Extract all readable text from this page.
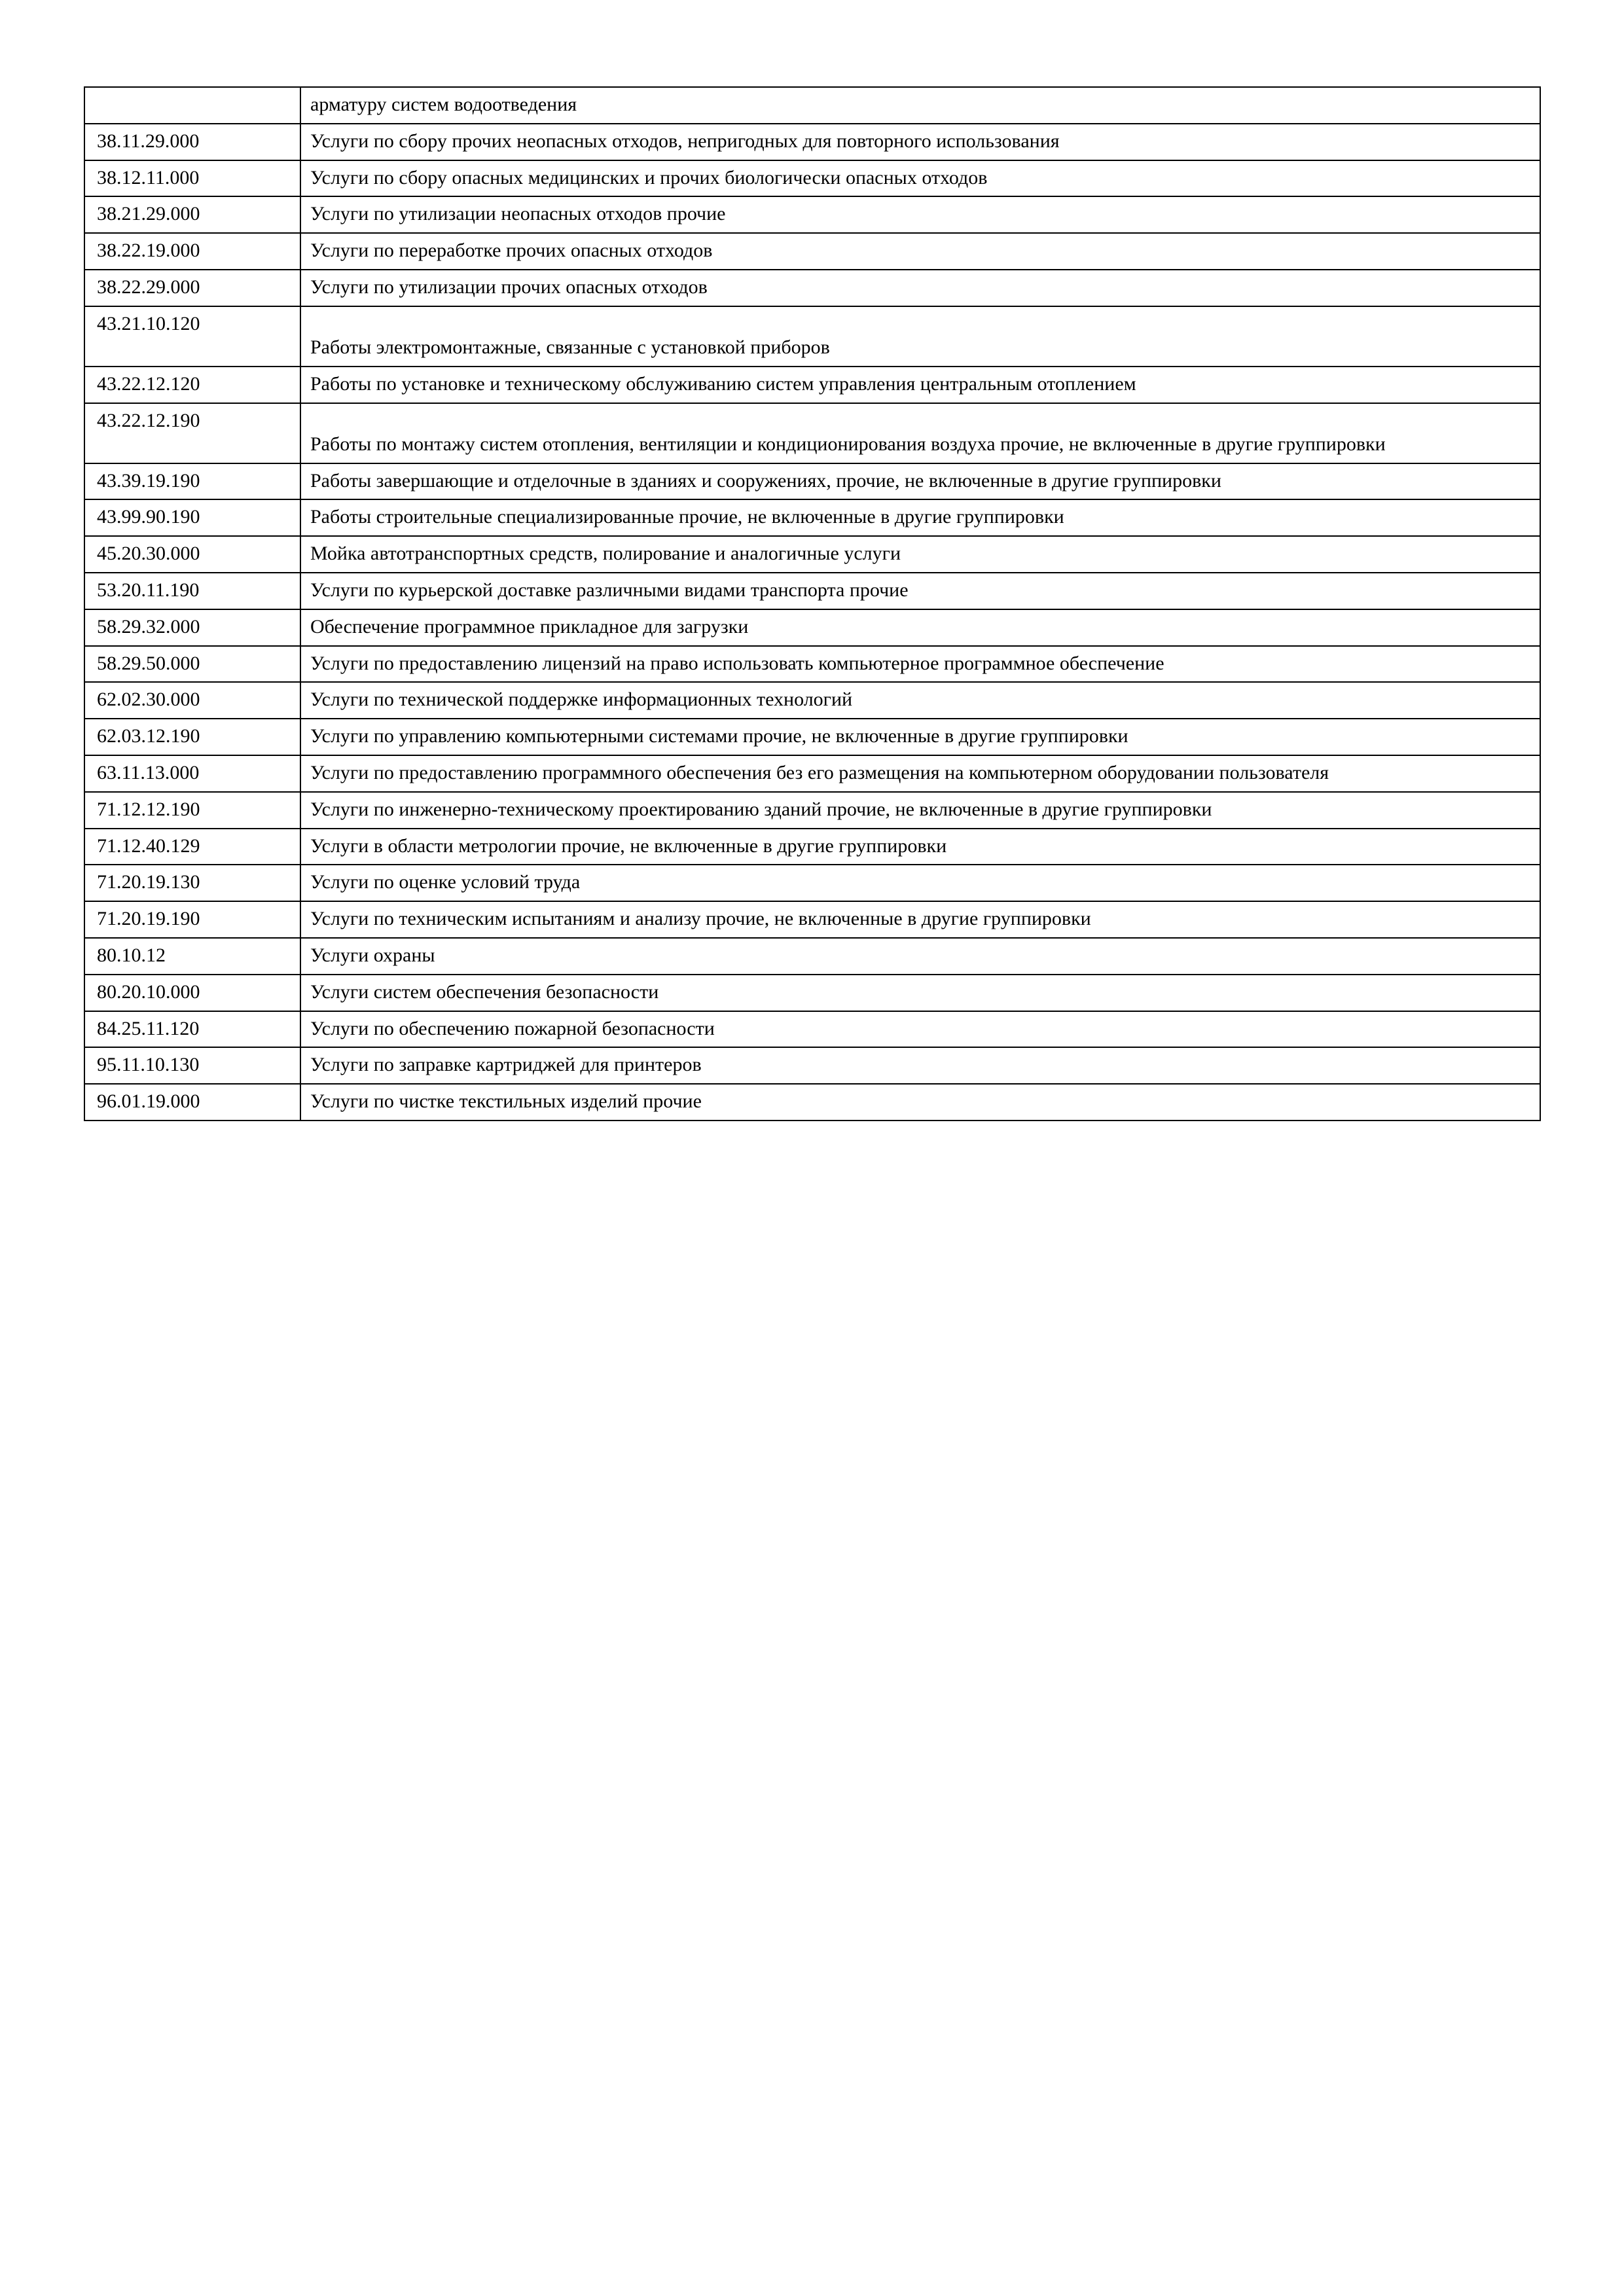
	арматуру систем водоотведения
38.11.29.000	Услуги по сбору прочих неопасных отходов, непригодных для повторного использования
38.12.11.000	Услуги по сбору опасных медицинских и прочих биологически опасных отходов
38.21.29.000	Услуги по утилизации неопасных отходов прочие
38.22.19.000	Услуги по переработке прочих опасных отходов
38.22.29.000	Услуги по утилизации прочих опасных отходов
43.21.10.120	Работы электромонтажные, связанные с установкой приборов
43.22.12.120	Работы по установке и техническому обслуживанию систем управления центральным отоплением
43.22.12.190	Работы по монтажу систем отопления, вентиляции и кондиционирования воздуха прочие, не включенные в другие группировки
43.39.19.190	Работы завершающие и отделочные в зданиях и сооружениях, прочие, не включенные в другие группировки
43.99.90.190	Работы строительные специализированные прочие, не включенные в другие группировки
45.20.30.000	Мойка автотранспортных средств, полирование и аналогичные услуги
53.20.11.190	Услуги по курьерской доставке различными видами транспорта прочие
58.29.32.000	Обеспечение программное прикладное для загрузки
58.29.50.000	Услуги по предоставлению лицензий на право использовать компьютерное программное обеспечение
62.02.30.000	Услуги по технической поддержке информационных технологий
62.03.12.190	Услуги по управлению компьютерными системами прочие, не включенные в другие группировки
63.11.13.000	Услуги по предоставлению программного обеспечения без его размещения на компьютерном оборудовании пользователя
71.12.12.190	Услуги по инженерно-техническому проектированию зданий прочие, не включенные в другие группировки
71.12.40.129	Услуги в области метрологии прочие, не включенные в другие группировки
71.20.19.130	Услуги по оценке условий труда
71.20.19.190	Услуги по техническим испытаниям и анализу прочие, не включенные в другие группировки
80.10.12	Услуги охраны
80.20.10.000	Услуги систем обеспечения безопасности
84.25.11.120	Услуги по обеспечению пожарной безопасности
95.11.10.130	Услуги по заправке картриджей для принтеров
96.01.19.000	Услуги по чистке текстильных изделий прочие
